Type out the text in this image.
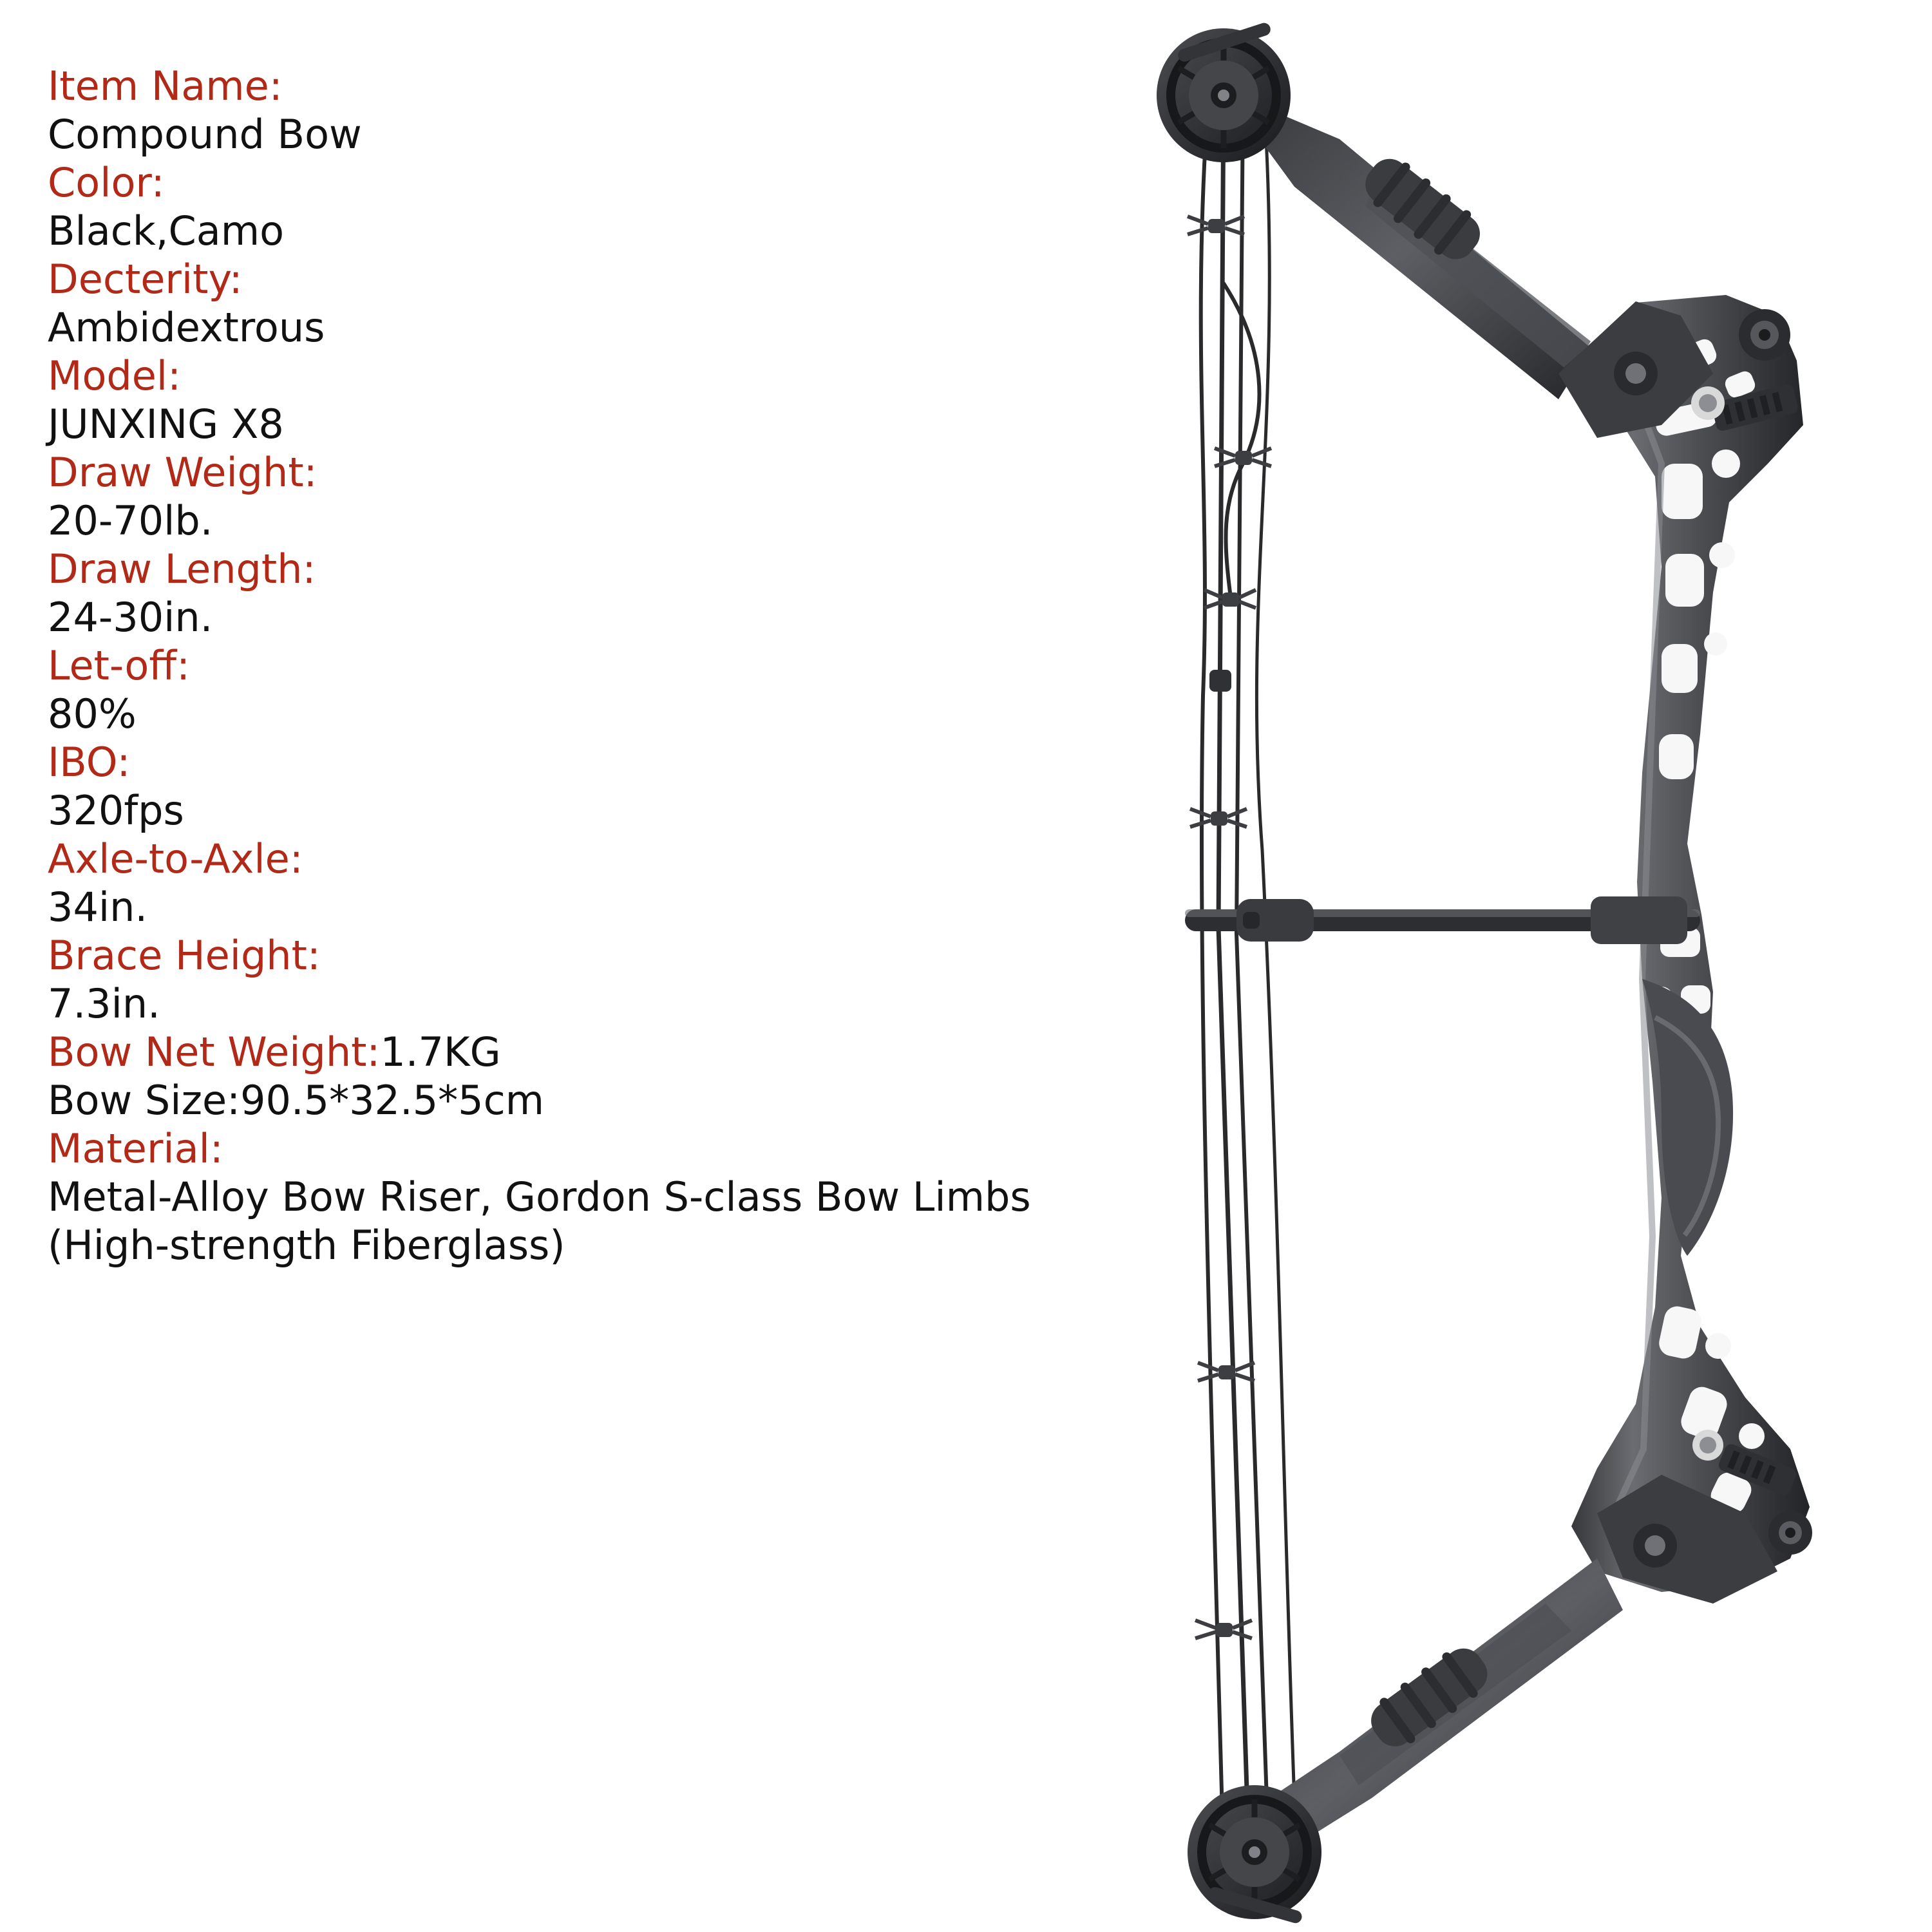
Item Name:
Compound Bow
Color:
Black,Camo
Decterity:
Ambidextrous
Model:
JUNXING X8
Draw Weight:
20-70lb.
Draw Length:
24-30in.
Let-off:
80%
IBO:
320fps
Axle-to-Axle:
34in.
Brace Height:
7.3in.
Bow Net Weight:1.7KG
Bow Size:90.5*32.5*5cm
Material:
Metal-Alloy Bow Riser, Gordon S-class Bow Limbs
(High-strength Fiberglass)
